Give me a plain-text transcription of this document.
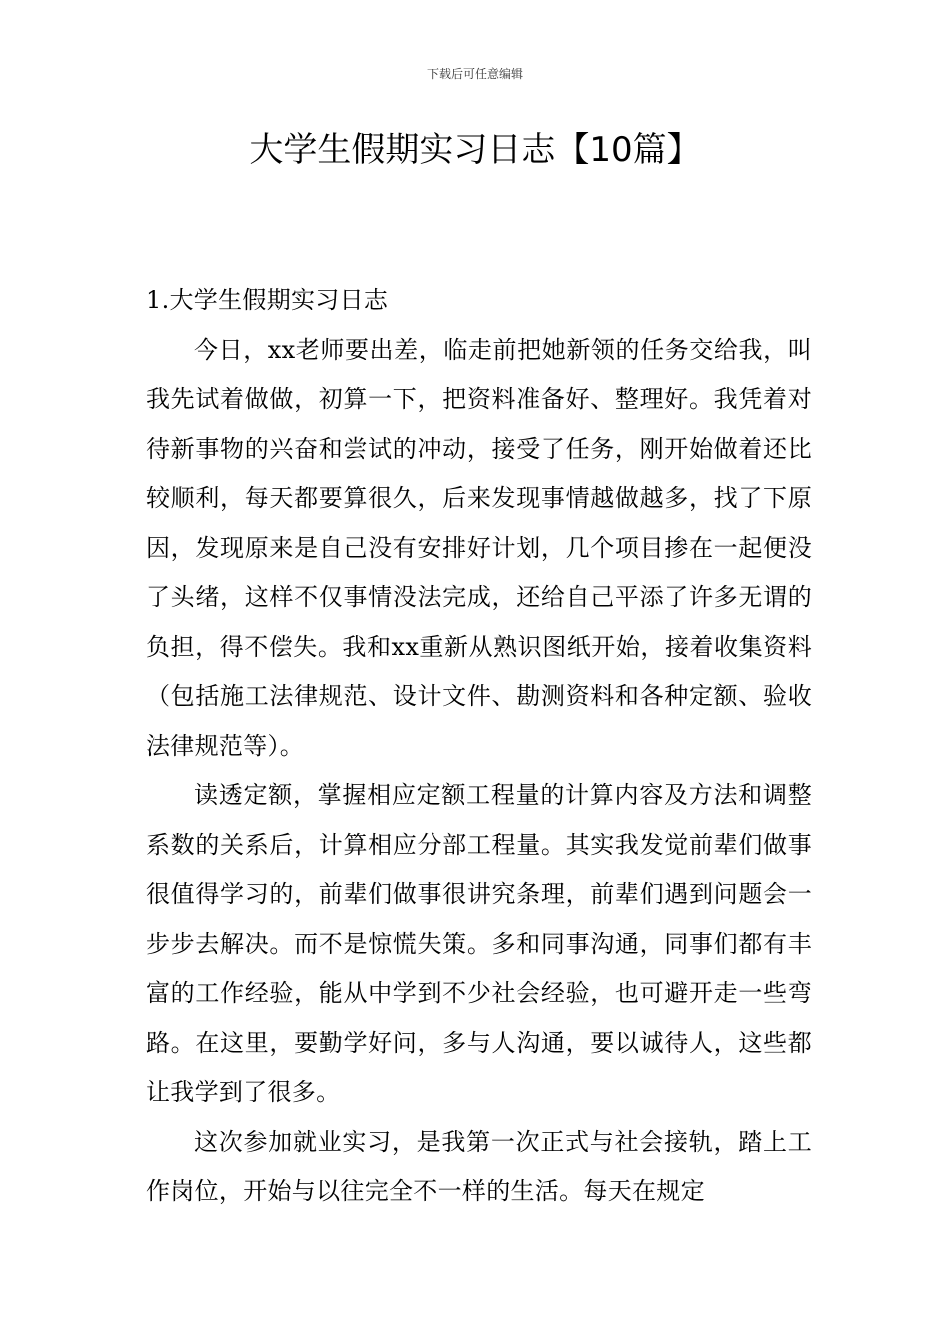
下载后可任意编辑
大学生假期实习日志【10篇】
1.大学生假期实习日志

今日，xx老师要出差，临走前把她新领的任务交给我，叫我先试着做做，初算一下，把资料准备好、整理好。我凭着对待新事物的兴奋和尝试的冲动，接受了任务，刚开始做着还比较顺利，每天都要算很久，后来发现事情越做越多，找了下原因，发现原来是自己没有安排好计划，几个项目掺在一起便没了头绪，这样不仅事情没法完成，还给自己平添了许多无谓的负担，得不偿失。我和xx重新从熟识图纸开始，接着收集资料（包括施工法律规范、设计文件、勘测资料和各种定额、验收法律规范等）。

读透定额，掌握相应定额工程量的计算内容及方法和调整系数的关系后，计算相应分部工程量。其实我发觉前辈们做事很值得学习的，前辈们做事很讲究条理，前辈们遇到问题会一步步去解决。而不是惊慌失策。多和同事沟通，同事们都有丰富的工作经验，能从中学到不少社会经验，也可避开走一些弯路。在这里，要勤学好问，多与人沟通，要以诚待人，这些都让我学到了很多。

这次参加就业实习，是我第一次正式与社会接轨，踏上工作岗位，开始与以往完全不一样的生活。每天在规定
